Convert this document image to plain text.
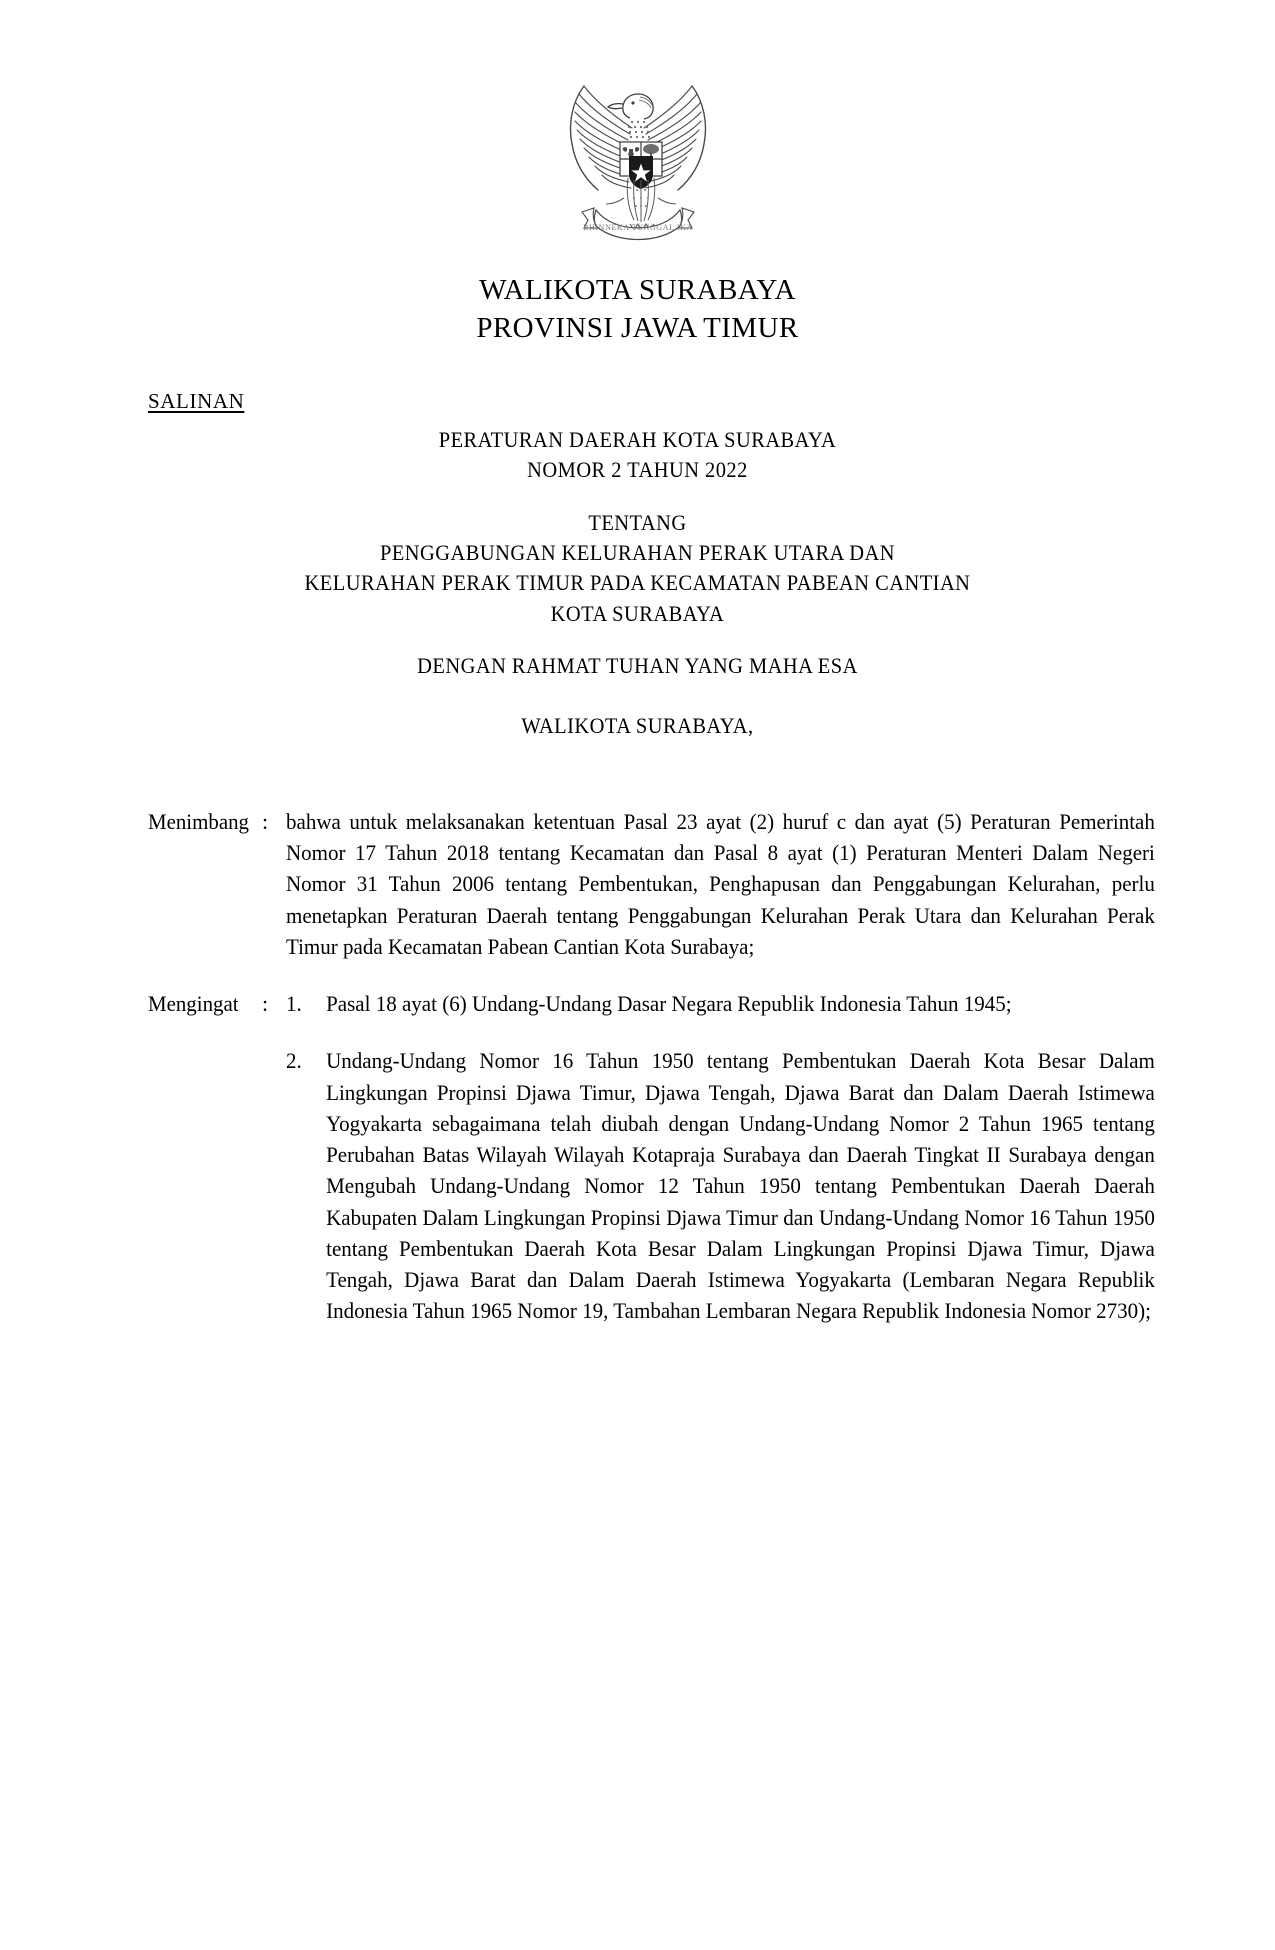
BHINNEKA TUNGGAL IKA
WALIKOTA SURABAYA
PROVINSI JAWA TIMUR
SALINAN
PERATURAN DAERAH KOTA SURABAYA
NOMOR 2 TAHUN 2022
TENTANG
PENGGABUNGAN KELURAHAN PERAK UTARA DAN
KELURAHAN PERAK TIMUR PADA KECAMATAN PABEAN CANTIAN
KOTA SURABAYA
DENGAN RAHMAT TUHAN YANG MAHA ESA
WALIKOTA SURABAYA,
Menimbang : bahwa untuk melaksanakan ketentuan Pasal 23 ayat (2) huruf c dan ayat (5) Peraturan Pemerintah Nomor 17 Tahun 2018 tentang Kecamatan dan Pasal 8 ayat (1) Peraturan Menteri Dalam Negeri Nomor 31 Tahun 2006 tentang Pembentukan, Penghapusan dan Penggabungan Kelurahan, perlu menetapkan Peraturan Daerah tentang Penggabungan Kelurahan Perak Utara dan Kelurahan Perak Timur pada Kecamatan Pabean Cantian Kota Surabaya;
Mengingat	: 1.	Pasal 18 ayat (6) Undang-Undang Dasar Negara Republik Indonesia Tahun 1945;
2.	Undang-Undang Nomor 16 Tahun 1950 tentang Pembentukan Daerah Kota Besar Dalam Lingkungan Propinsi Djawa Timur, Djawa Tengah, Djawa Barat dan Dalam Daerah Istimewa Yogyakarta sebagaimana telah diubah dengan Undang-Undang Nomor 2 Tahun 1965 tentang Perubahan Batas Wilayah Wilayah Kotapraja Surabaya dan Daerah Tingkat II Surabaya dengan Mengubah Undang-Undang Nomor 12 Tahun 1950 tentang Pembentukan Daerah Daerah Kabupaten Dalam Lingkungan Propinsi Djawa Timur dan Undang-Undang Nomor 16 Tahun 1950 tentang Pembentukan Daerah Kota Besar Dalam Lingkungan Propinsi Djawa Timur, Djawa Tengah, Djawa Barat dan Dalam Daerah Istimewa Yogyakarta (Lembaran Negara Republik Indonesia Tahun 1965 Nomor 19, Tambahan Lembaran Negara Republik Indonesia Nomor 2730);
